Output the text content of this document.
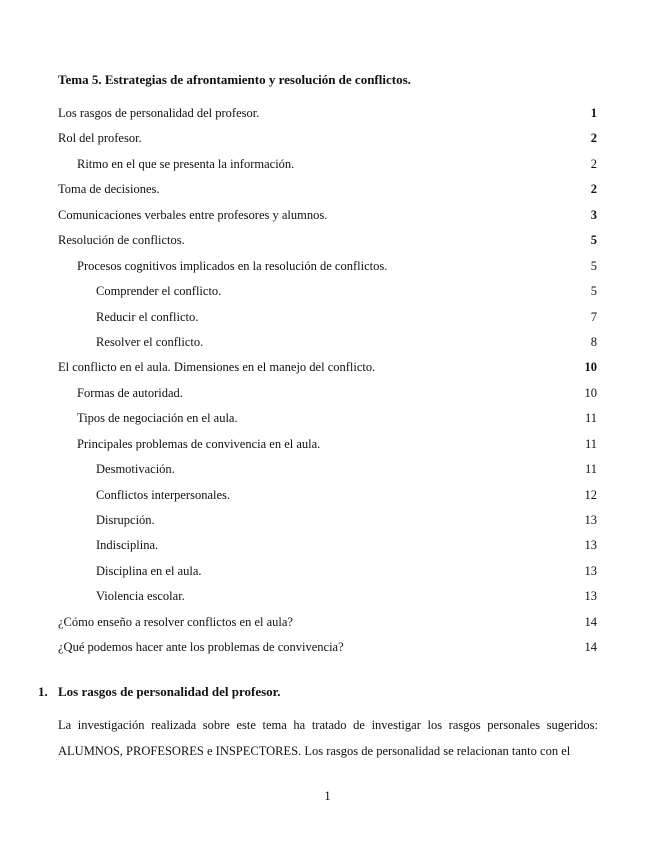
Tema 5. Estrategias de afrontamiento y resolución de conflictos.
Los rasgos de personalidad del profesor.	1
Rol del profesor.	2
Ritmo en el que se presenta la información.	2
Toma de decisiones.	2
Comunicaciones verbales entre profesores y alumnos.	3
Resolución de conflictos.	5
Procesos cognitivos implicados en la resolución de conflictos.	5
Comprender el conflicto.	5
Reducir el conflicto.	7
Resolver el conflicto.	8
El conflicto en el aula. Dimensiones en el manejo del conflicto.	10
Formas de autoridad.	10
Tipos de negociación en el aula.	11
Principales problemas de convivencia en el aula.	11
Desmotivación.	11
Conflictos interpersonales.	12
Disrupción.	13
Indisciplina.	13
Disciplina en el aula.	13
Violencia escolar.	13
¿Cómo enseño a resolver conflictos en el aula?	14
¿Qué podemos hacer ante los problemas de convivencia?	14
1. Los rasgos de personalidad del profesor.
La investigación realizada sobre este tema ha tratado de investigar los rasgos personales sugeridos:
ALUMNOS, PROFESORES e INSPECTORES. Los rasgos de personalidad se relacionan tanto con el
1
